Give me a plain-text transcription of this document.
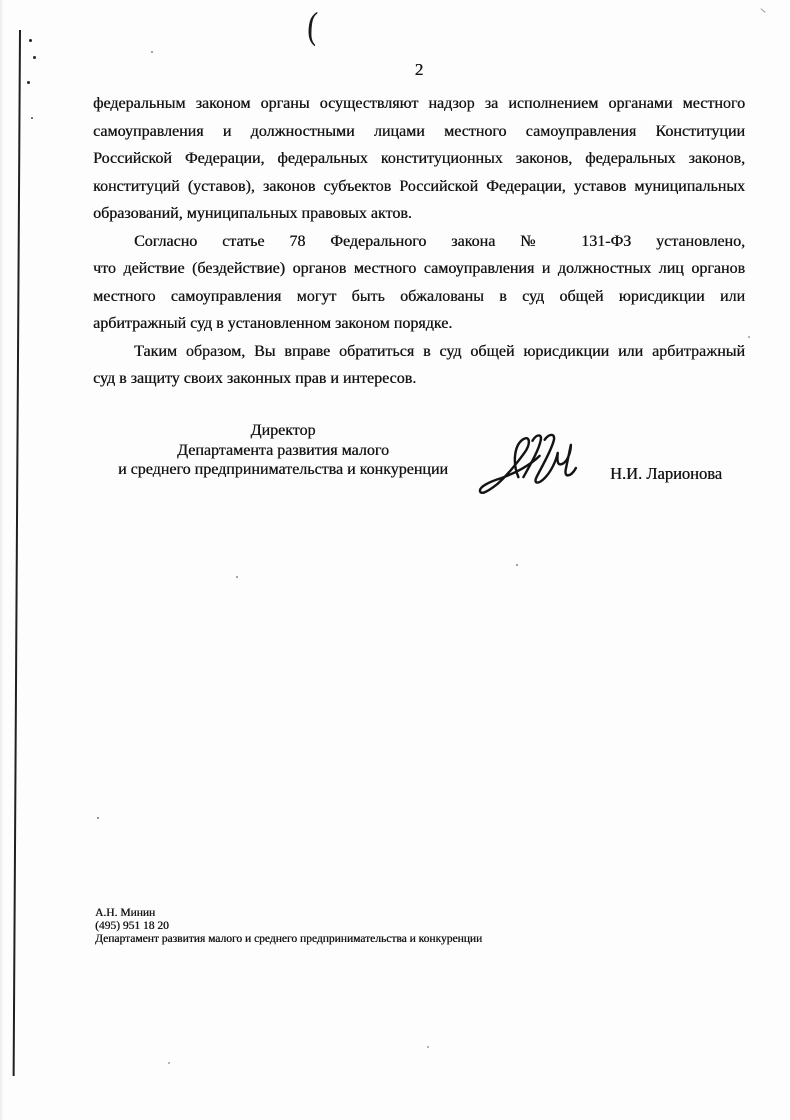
(
2
федеральным законом органы осуществляют надзор за исполнением органами местного
самоуправления и должностными лицами местного самоуправления Конституции
Российской Федерации, федеральных конституционных законов, федеральных законов,
конституций (уставов), законов субъектов Российской Федерации, уставов муниципальных
образований, муниципальных правовых актов.
Согласно статье 78 Федерального закона № 131-ФЗ установлено,
что действие (бездействие) органов местного самоуправления и должностных лиц органов
местного самоуправления могут быть обжалованы в суд общей юрисдикции или
арбитражный суд в установленном законом порядке.
Таким образом, Вы вправе обратиться в суд общей юрисдикции или арбитражный
суд в защиту своих законных прав и интересов.
Директор
Департамента развития малого
и среднего предпринимательства и конкуренции	Н.И. Ларионова
А.Н. Минин
(495) 951 18 20
Департамент развития малого и среднего предпринимательства и конкуренции
